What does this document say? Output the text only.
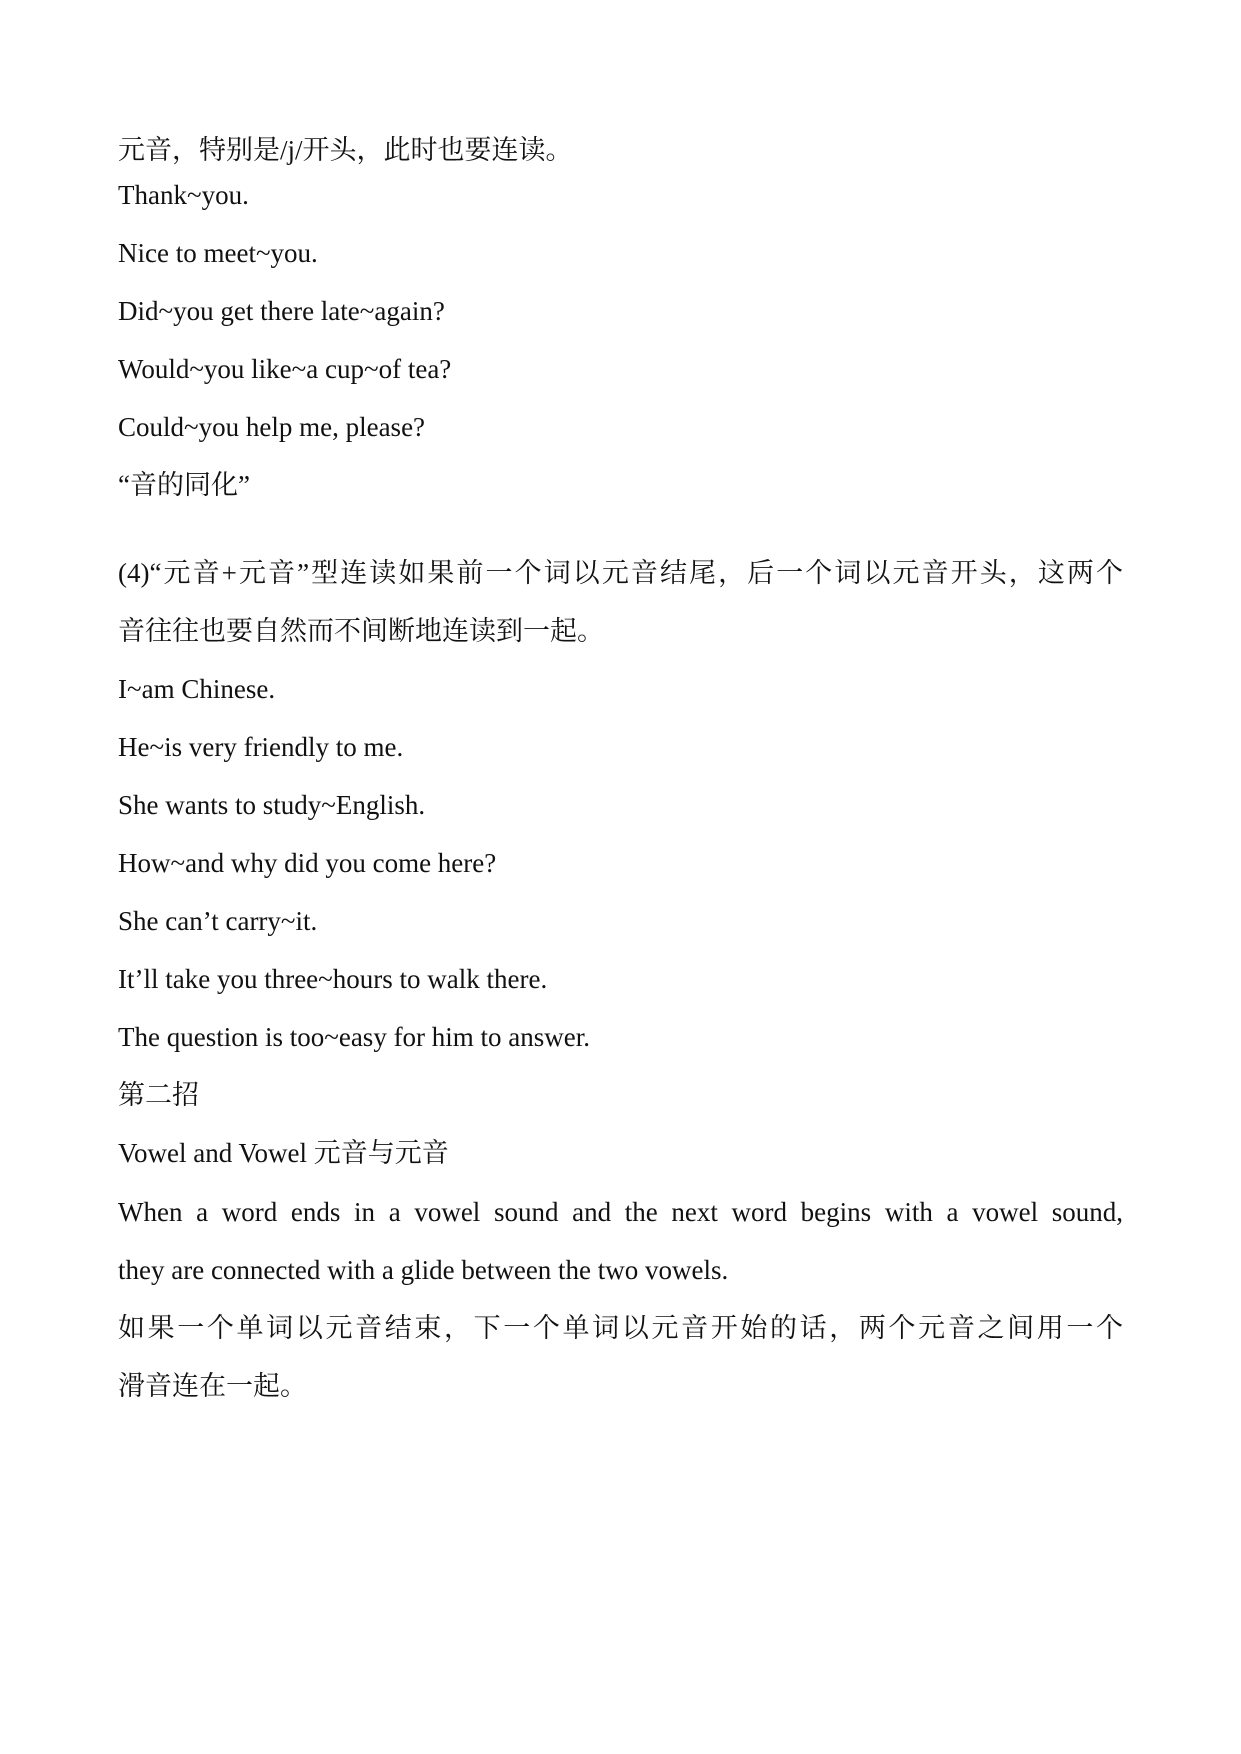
元音，特别是/j/开头，此时也要连读。

Thank~you.

Nice to meet~you.

Did~you get there late~again?

Would~you like~a cup~of tea?

Could~you help me, please?

“音的同化”

(4)“元音+元音”型连读如果前一个词以元音结尾，后一个词以元音开头，这两个

音往往也要自然而不间断地连读到一起。

I~am Chinese.

He~is very friendly to me.

She wants to study~English.

How~and why did you come here?

She can’t carry~it.

It’ll take you three~hours to walk there.

The question is too~easy for him to answer.

第二招

Vowel and Vowel 元音与元音

When a word ends in a vowel sound and the next word begins with a vowel sound,

they are connected with a glide between the two vowels.

如果一个单词以元音结束，下一个单词以元音开始的话，两个元音之间用一个

滑音连在一起。
